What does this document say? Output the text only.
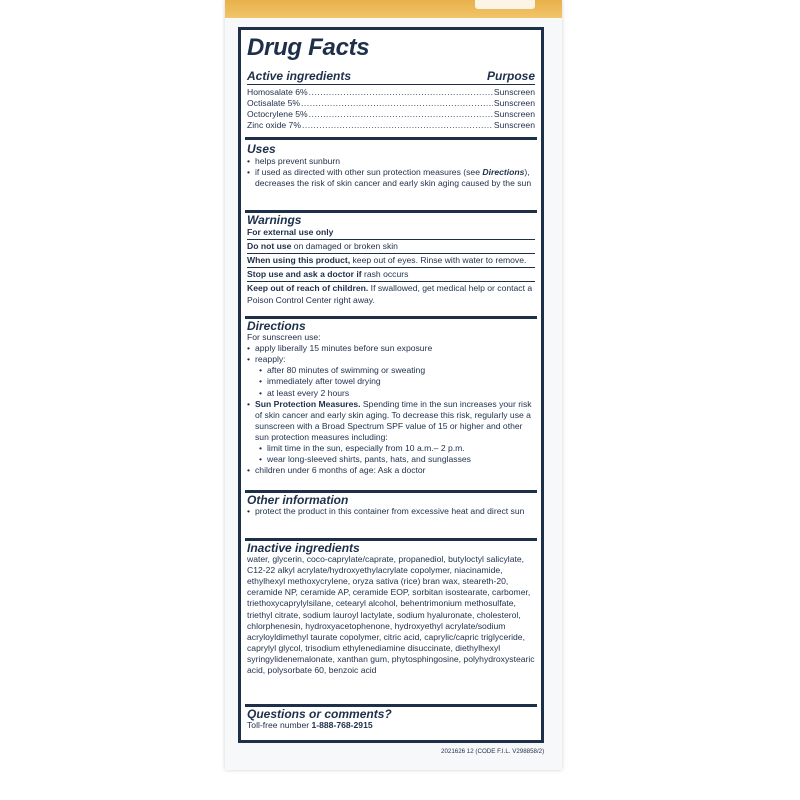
Drug Facts
Active ingredients	Purpose
Homosalate 6% .....	Sunscreen
Octisalate 5% .....	Sunscreen
Octocrylene 5% .....	Sunscreen
Zinc oxide 7% .....	Sunscreen
Uses
• helps prevent sunburn
• if used as directed with other sun protection measures (see Directions), decreases the risk of skin cancer and early skin aging caused by the sun
Warnings
For external use only
Do not use on damaged or broken skin
When using this product, keep out of eyes. Rinse with water to remove.
Stop use and ask a doctor if rash occurs
Keep out of reach of children. If swallowed, get medical help or contact a Poison Control Center right away.
Directions
For sunscreen use:
• apply liberally 15 minutes before sun exposure
• reapply:
• after 80 minutes of swimming or sweating
• immediately after towel drying
• at least every 2 hours
• Sun Protection Measures. Spending time in the sun increases your risk of skin cancer and early skin aging. To decrease this risk, regularly use a sunscreen with a Broad Spectrum SPF value of 15 or higher and other sun protection measures including:
• limit time in the sun, especially from 10 a.m.– 2 p.m.
• wear long-sleeved shirts, pants, hats, and sunglasses
• children under 6 months of age: Ask a doctor
Other information
• protect the product in this container from excessive heat and direct sun
Inactive ingredients
water, glycerin, coco-caprylate/caprate, propanediol, butyloctyl salicylate, C12-22 alkyl acrylate/hydroxyethylacrylate copolymer, niacinamide, ethylhexyl methoxycrylene, oryza sativa (rice) bran wax, steareth-20, ceramide NP, ceramide AP, ceramide EOP, sorbitan isostearate, carbomer, triethoxycaprylylsilane, cetearyl alcohol, behentrimonium methosulfate, triethyl citrate, sodium lauroyl lactylate, sodium hyaluronate, cholesterol, chlorphenesin, hydroxyacetophenone, hydroxyethyl acrylate/sodium acryloyldimethyl taurate copolymer, citric acid, caprylic/capric triglyceride, caprylyl glycol, trisodium ethylenediamine disuccinate, diethylhexyl syringylidenemalonate, xanthan gum, phytosphingosine, polyhydroxystearic acid, polysorbate 60, benzoic acid
Questions or comments?
Toll-free number 1-888-768-2915
2021626 12 (CODE F.I.L. V298858/2)
